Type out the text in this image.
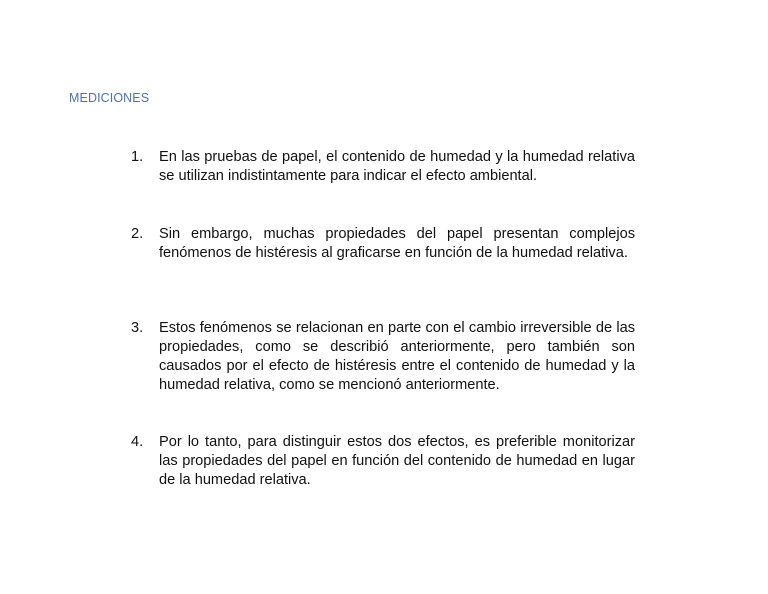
MEDICIONES
1.	En las pruebas de papel, el contenido de humedad y la humedad relativa se utilizan indistintamente para indicar el efecto ambiental.
2.	Sin embargo, muchas propiedades del papel presentan complejos fenómenos de histéresis al graficarse en función de la humedad relativa.
3.	Estos fenómenos se relacionan en parte con el cambio irreversible de las propiedades, como se describió anteriormente, pero también son causados por el efecto de histéresis entre el contenido de humedad y la humedad relativa, como se mencionó anteriormente.
4.	Por lo tanto, para distinguir estos dos efectos, es preferible monitorizar las propiedades del papel en función del contenido de humedad en lugar de la humedad relativa.
